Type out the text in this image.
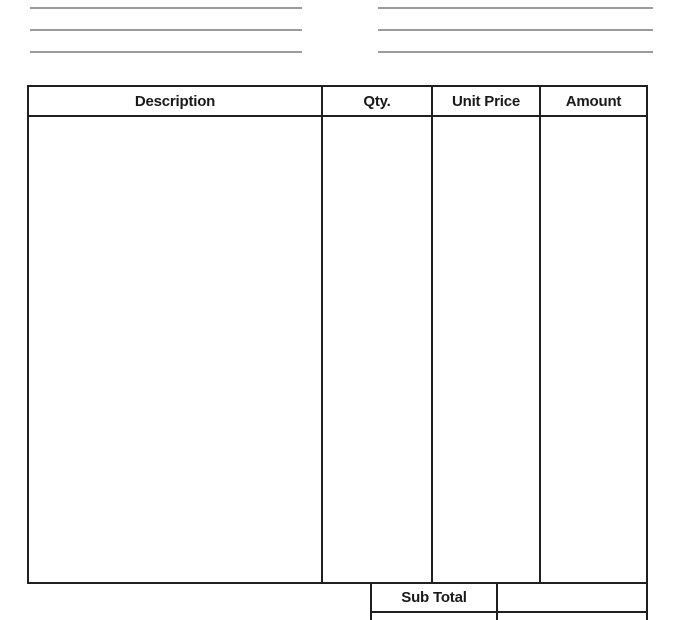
Description	Qty.	Unit Price	Amount
Sub Total
